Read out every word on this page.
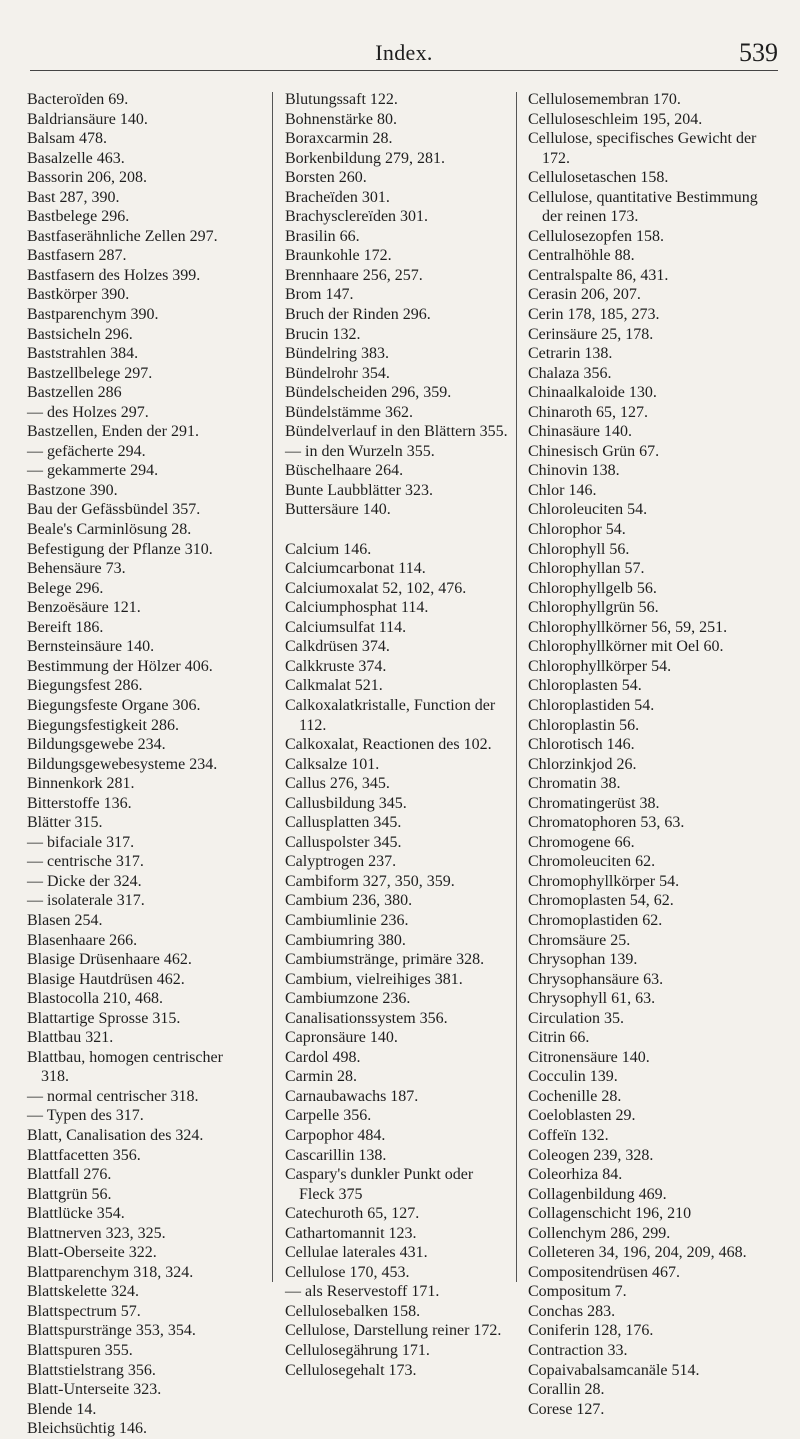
Index.	539
Bacteroïden 69.
Baldriansäure 140.
Balsam 478.
Basalzelle 463.
Bassorin 206, 208.
Bast 287, 390.
Bastbelege 296.
Bastfaserähnliche Zellen 297.
Bastfasern 287.
Bastfasern des Holzes 399.
Bastkörper 390.
Bastparenchym 390.
Bastsicheln 296.
Baststrahlen 384.
Bastzellbelege 297.
Bastzellen 286
— des Holzes 297.
Bastzellen, Enden der 291.
— gefächerte 294.
— gekammerte 294.
Bastzone 390.
Bau der Gefässbündel 357.
Beale's Carminlösung 28.
Befestigung der Pflanze 310.
Behensäure 73.
Belege 296.
Benzoësäure 121.
Bereift 186.
Bernsteinsäure 140.
Bestimmung der Hölzer 406.
Biegungsfest 286.
Biegungsfeste Organe 306.
Biegungsfestigkeit 286.
Bildungsgewebe 234.
Bildungsgewebesysteme 234.
Binnenkork 281.
Bitterstoffe 136.
Blätter 315.
— bifaciale 317.
— centrische 317.
— Dicke der 324.
— isolaterale 317.
Blasen 254.
Blasenhaare 266.
Blasige Drüsenhaare 462.
Blasige Hautdrüsen 462.
Blastocolla 210, 468.
Blattartige Sprosse 315.
Blattbau 321.
Blattbau, homogen centrischer 318.
— normal centrischer 318.
— Typen des 317.
Blatt, Canalisation des 324.
Blattfacetten 356.
Blattfall 276.
Blattgrün 56.
Blattlücke 354.
Blattnerven 323, 325.
Blatt-Oberseite 322.
Blattparenchym 318, 324.
Blattskelette 324.
Blattspectrum 57.
Blattspurstränge 353, 354.
Blattspuren 355.
Blattstielstrang 356.
Blatt-Unterseite 323.
Blende 14.
Bleichsüchtig 146.
Blutungssaft 122.
Bohnenstärke 80.
Boraxcarmin 28.
Borkenbildung 279, 281.
Borsten 260.
Bracheïden 301.
Brachysclereïden 301.
Brasilin 66.
Braunkohle 172.
Brennhaare 256, 257.
Brom 147.
Bruch der Rinden 296.
Brucin 132.
Bündelring 383.
Bündelrohr 354.
Bündelscheiden 296, 359.
Bündelstämme 362.
Bündelverlauf in den Blättern 355.
— in den Wurzeln 355.
Büschelhaare 264.
Bunte Laubblätter 323.
Buttersäure 140.

Calcium 146.
Calciumcarbonat 114.
Calciumoxalat 52, 102, 476.
Calciumphosphat 114.
Calciumsulfat 114.
Calkdrüsen 374.
Calkkruste 374.
Calkmalat 521.
Calkoxalatkristalle, Function der 112.
Calkoxalat, Reactionen des 102.
Calksalze 101.
Callus 276, 345.
Callusbildung 345.
Callusplatten 345.
Calluspolster 345.
Calyptrogen 237.
Cambiform 327, 350, 359.
Cambium 236, 380.
Cambiumlinie 236.
Cambiumring 380.
Cambiumstränge, primäre 328.
Cambium, vielreihiges 381.
Cambiumzone 236.
Canalisationssystem 356.
Capronsäure 140.
Cardol 498.
Carmin 28.
Carnaubawachs 187.
Carpelle 356.
Carpophor 484.
Cascarillin 138.
Caspary's dunkler Punkt oder Fleck 375
Catechuroth 65, 127.
Cathartomannit 123.
Cellulae laterales 431.
Cellulose 170, 453.
— als Reservestoff 171.
Cellulosebalken 158.
Cellulose, Darstellung reiner 172.
Cellulosegährung 171.
Cellulosegehalt 173.
Cellulosemembran 170.
Celluloseschleim 195, 204.
Cellulose, specifisches Gewicht der 172.
Cellulosetaschen 158.
Cellulose, quantitative Bestimmung der reinen 173.
Cellulosezopfen 158.
Centralhöhle 88.
Centralspalte 86, 431.
Cerasin 206, 207.
Cerin 178, 185, 273.
Cerinsäure 25, 178.
Cetrarin 138.
Chalaza 356.
Chinaalkaloide 130.
Chinaroth 65, 127.
Chinasäure 140.
Chinesisch Grün 67.
Chinovin 138.
Chlor 146.
Chloroleuciten 54.
Chlorophor 54.
Chlorophyll 56.
Chlorophyllan 57.
Chlorophyllgelb 56.
Chlorophyllgrün 56.
Chlorophyllkörner 56, 59, 251.
Chlorophyllkörner mit Oel 60.
Chlorophyllkörper 54.
Chloroplasten 54.
Chloroplastiden 54.
Chloroplastin 56.
Chlorotisch 146.
Chlorzinkjod 26.
Chromatin 38.
Chromatingerüst 38.
Chromatophoren 53, 63.
Chromogene 66.
Chromoleuciten 62.
Chromophyllkörper 54.
Chromoplasten 54, 62.
Chromoplastiden 62.
Chromsäure 25.
Chrysophan 139.
Chrysophansäure 63.
Chrysophyll 61, 63.
Circulation 35.
Citrin 66.
Citronensäure 140.
Cocculin 139.
Cochenille 28.
Coeloblasten 29.
Coffeïn 132.
Coleogen 239, 328.
Coleorhiza 84.
Collagenbildung 469.
Collagenschicht 196, 210
Collenchym 286, 299.
Colleteren 34, 196, 204, 209, 468.
Compositendrüsen 467.
Compositum 7.
Conchas 283.
Coniferin 128, 176.
Contraction 33.
Copaivabalsamcanäle 514.
Corallin 28.
Corese 127.
